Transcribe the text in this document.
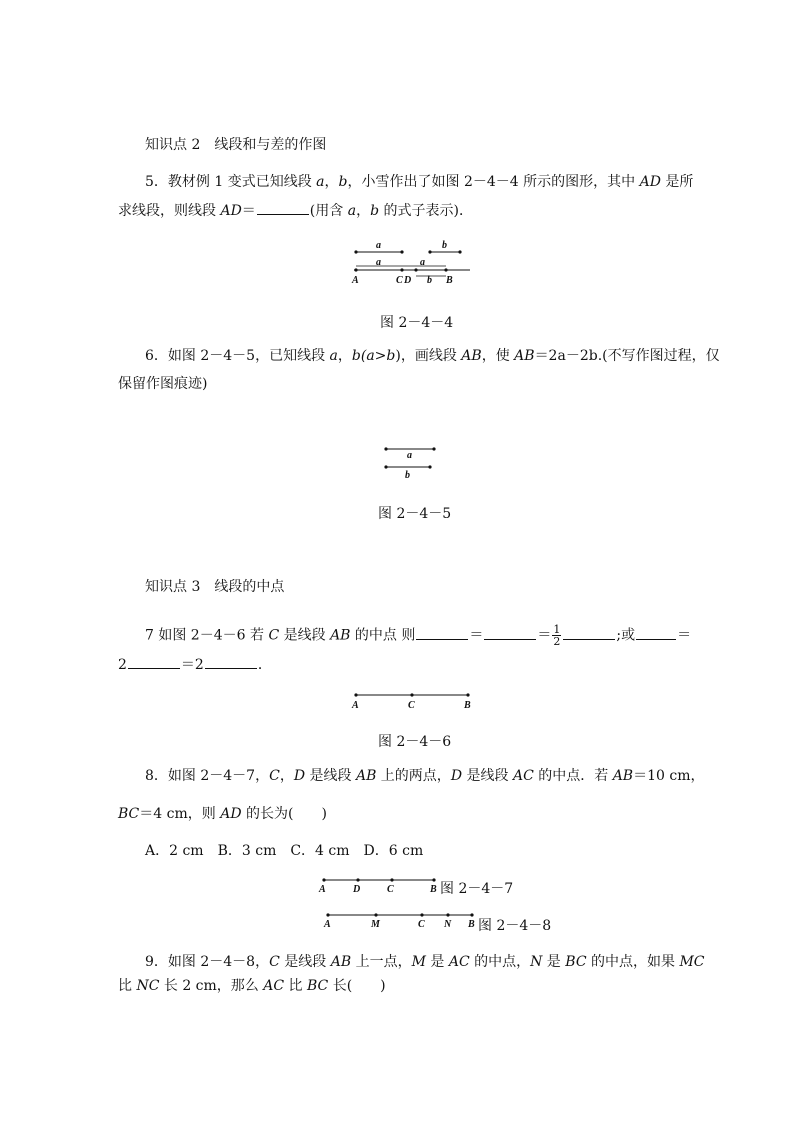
知识点 2　线段和与差的作图
5．教材例 1 变式已知线段 a，b，小雪作出了如图 2－4－4 所示的图形，其中 AD 是所
求线段，则线段 AD＝	(用含 a，b 的式子表示)．
a	b
a	a
b
A	C D	B
图 2－4－4
6．如图 2－4－5，已知线段 a，b(a>b)，画线段 AB，使 AB＝2a－2b.(不写作图过程，仅
保留作图痕迹)
a
b
图 2－4－5
知识点 3　线段的中点
7 如图 2－4－6 若 C 是线段 AB 的中点 则	＝	＝ $\frac{1}{2}$	;或	＝
2	＝2	．
A	C	B
图 2－4－6
8．如图 2－4－7，C，D 是线段 AB 上的两点，D 是线段 AC 的中点．若 AB＝10 cm，
BC＝4 cm，则 AD 的长为(　　)
A．2 cm　B．3 cm　C．4 cm　D．6 cm
A	D	C	B 图 2－4－7
A	M	C N B 图 2－4－8
9．如图 2－4－8，C 是线段 AB 上一点，M 是 AC 的中点，N 是 BC 的中点，如果 MC
比 NC 长 2 cm，那么 AC 比 BC 长(　　)
